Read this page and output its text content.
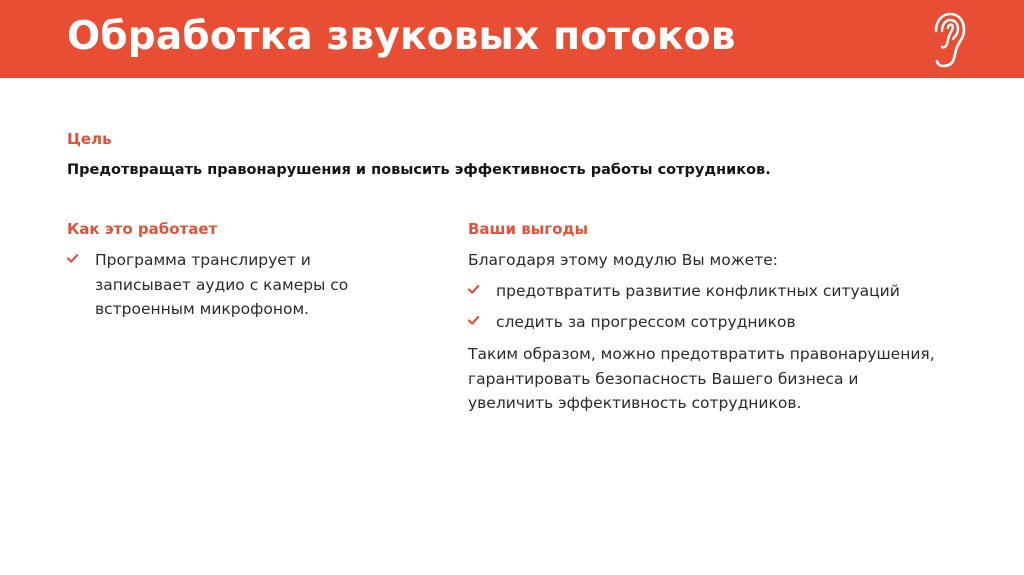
Обработка звуковых потоков
Цель
Предотвращать правонарушения и повысить эффективность работы сотрудников.
Как это работает
Программа транслирует и
записывает аудио с камеры со
встроенным микрофоном.
Ваши выгоды
Благодаря этому модулю Вы можете:
предотвратить развитие конфликтных ситуаций
следить за прогрессом сотрудников
Таким образом, можно предотвратить правонарушения,
гарантировать безопасность Вашего бизнеса и
увеличить эффективность сотрудников.
